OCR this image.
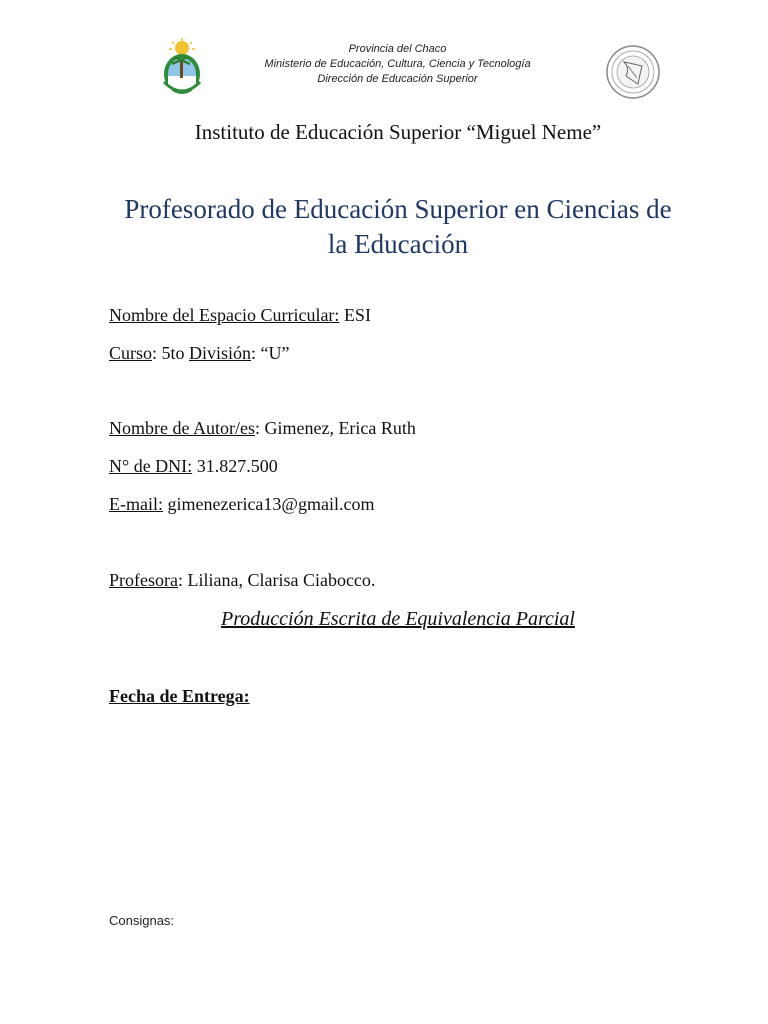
Provincia del Chaco
Ministerio de Educación, Cultura, Ciencia y Tecnología
Dirección de Educación Superior
Instituto de Educación Superior “Miguel Neme”
Profesorado de Educación Superior en Ciencias de
la Educación
Nombre del Espacio Curricular: ESI
Curso: 5to División: “U”
Nombre de Autor/es: Gimenez, Erica Ruth
N° de DNI: 31.827.500
E-mail: gimenezerica13@gmail.com
Profesora: Liliana, Clarisa Ciabocco.
Producción Escrita de Equivalencia Parcial
Fecha de Entrega:
Consignas:
